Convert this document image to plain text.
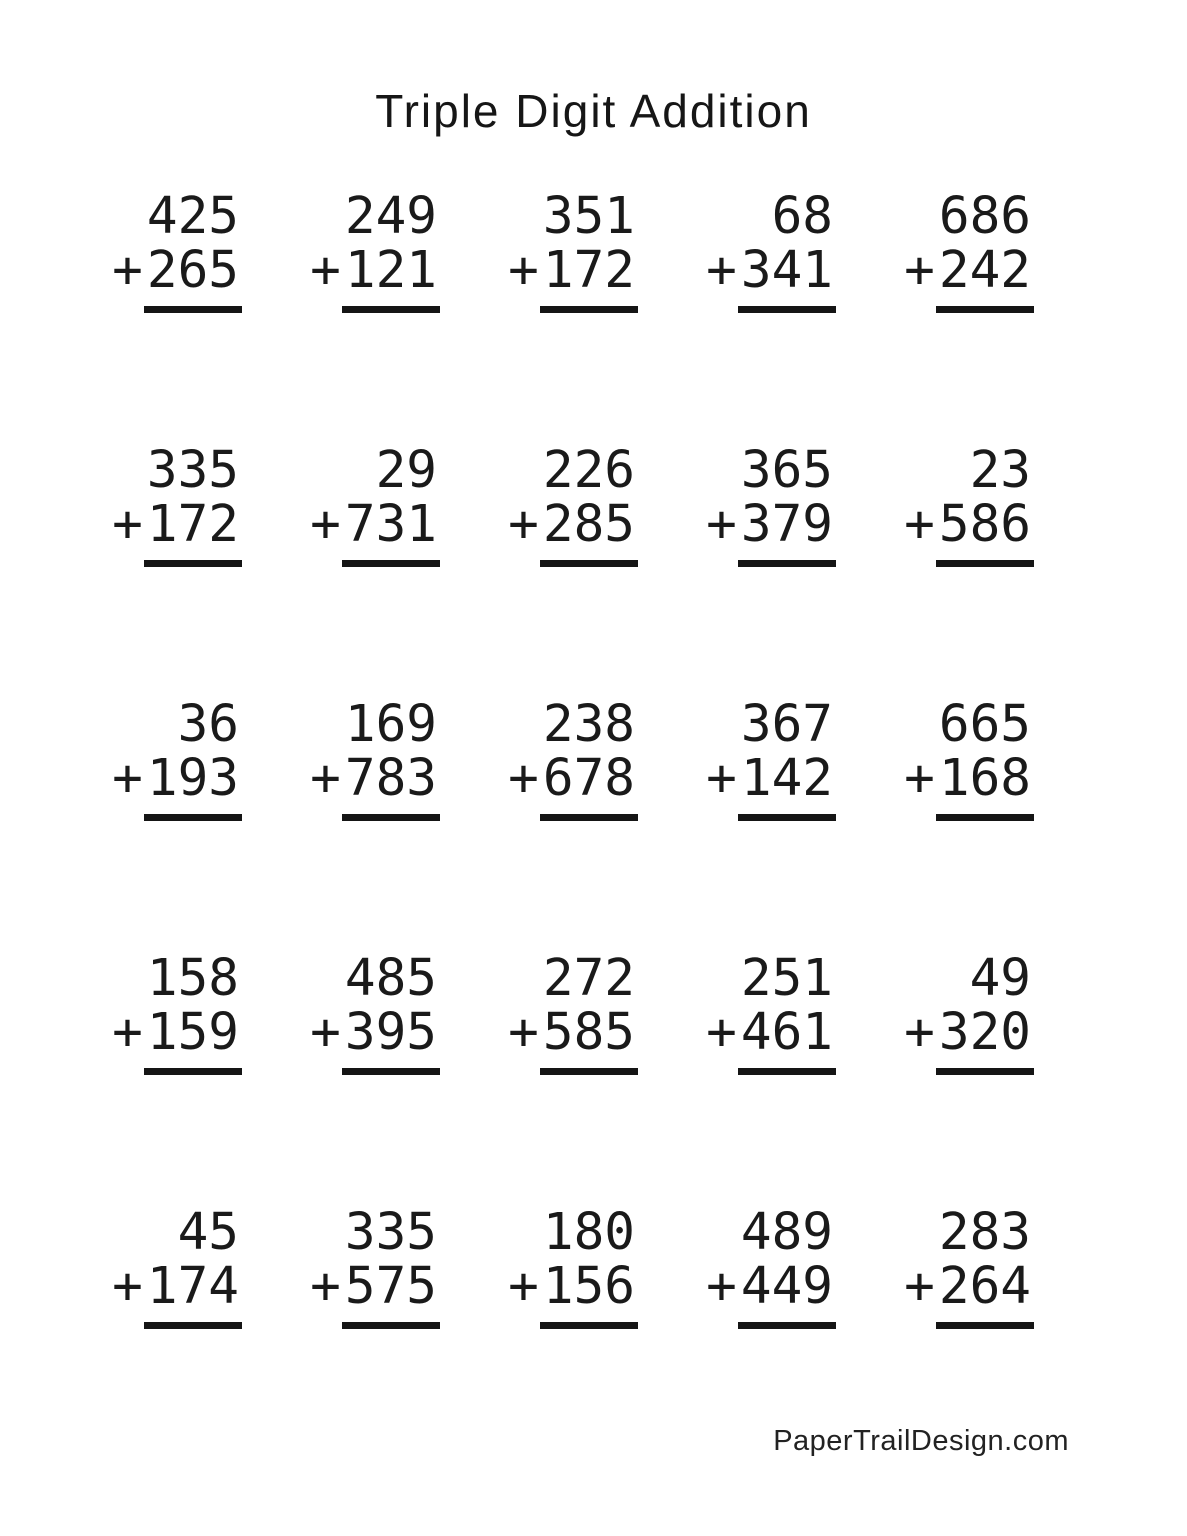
Triple Digit Addition
425
+ 265
249
+ 121
351
+ 172
68
+ 341
686
+ 242
335
+ 172
29
+ 731
226
+ 285
365
+ 379
23
+ 586
36
+ 193
169
+ 783
238
+ 678
367
+ 142
665
+ 168
158
+ 159
485
+ 395
272
+ 585
251
+ 461
49
+ 320
45
+ 174
335
+ 575
180
+ 156
489
+ 449
283
+ 264
PaperTrailDesign.com
